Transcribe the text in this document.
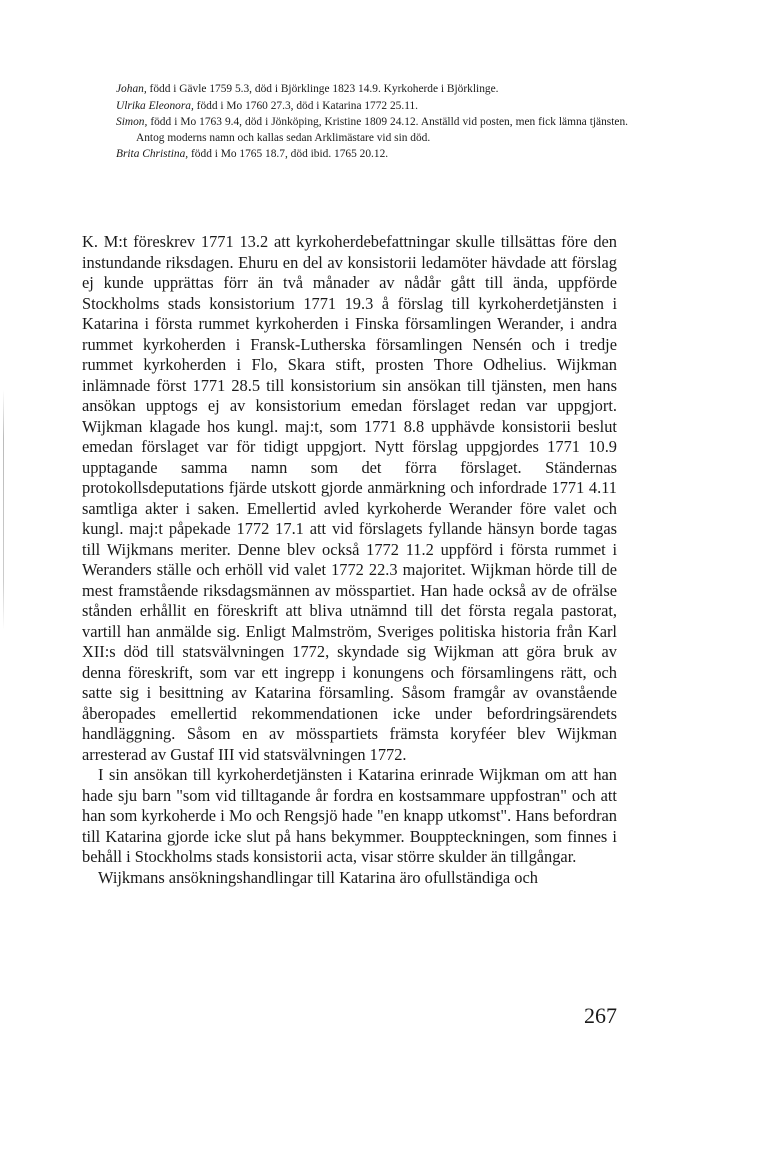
Johan, född i Gävle 1759 5.3, död i Björklinge 1823 14.9. Kyrkoherde i Björklinge.

Ulrika Eleonora, född i Mo 1760 27.3, död i Katarina 1772 25.11.

Simon, född i Mo 1763 9.4, död i Jönköping, Kristine 1809 24.12. Anställd vid posten, men fick lämna tjänsten. Antog moderns namn och kallas sedan Arklimästare vid sin död.

Brita Christina, född i Mo 1765 18.7, död ibid. 1765 20.12.

K. M:t föreskrev 1771 13.2 att kyrkoherdebefattningar skulle tillsättas före den instundande riksdagen. Ehuru en del av konsistorii ledamöter hävdade att förslag ej kunde upprättas förr än två månader av nådår gått till ända, uppförde Stockholms stads konsistorium 1771 19.3 å förslag till kyrkoherdetjänsten i Katarina i första rummet kyrkoherden i Finska församlingen Werander, i andra rummet kyrkoherden i Fransk-Lutherska församlingen Nensén och i tredje rummet kyrkoherden i Flo, Skara stift, prosten Thore Odhelius. Wijkman inlämnade först 1771 28.5 till konsistorium sin ansökan till tjänsten, men hans ansökan upptogs ej av konsistorium emedan förslaget redan var uppgjort. Wijkman klagade hos kungl. maj:t, som 1771 8.8 upphävde konsistorii beslut emedan förslaget var för tidigt uppgjort. Nytt förslag uppgjordes 1771 10.9 upptagande samma namn som det förra förslaget. Ständernas protokollsdeputations fjärde utskott gjorde anmärkning och infordrade 1771 4.11 samtliga akter i saken. Emellertid avled kyrkoherde Werander före valet och kungl. maj:t påpekade 1772 17.1 att vid förslagets fyllande hänsyn borde tagas till Wijkmans meriter. Denne blev också 1772 11.2 uppförd i första rummet i Weranders ställe och erhöll vid valet 1772 22.3 majoritet. Wijkman hörde till de mest framstående riksdagsmännen av mösspartiet. Han hade också av de ofrälse stånden erhållit en föreskrift att bliva utnämnd till det första regala pastorat, vartill han anmälde sig. Enligt Malmström, Sveriges politiska historia från Karl XII:s död till statsvälvningen 1772, skyndade sig Wijkman att göra bruk av denna föreskrift, som var ett ingrepp i konungens och församlingens rätt, och satte sig i besittning av Katarina församling. Såsom framgår av ovanstående åberopades emellertid rekommendationen icke under befordringsärendets handläggning. Såsom en av mösspartiets främsta koryféer blev Wijkman arresterad av Gustaf III vid statsvälvningen 1772.

I sin ansökan till kyrkoherdetjänsten i Katarina erinrade Wijkman om att han hade sju barn "som vid tilltagande år fordra en kostsammare uppfostran" och att han som kyrkoherde i Mo och Rengsjö hade "en knapp utkomst". Hans befordran till Katarina gjorde icke slut på hans bekymmer. Bouppteckningen, som finnes i behåll i Stockholms stads konsistorii acta, visar större skulder än tillgångar.

Wijkmans ansökningshandlingar till Katarina äro ofullständiga och

267
